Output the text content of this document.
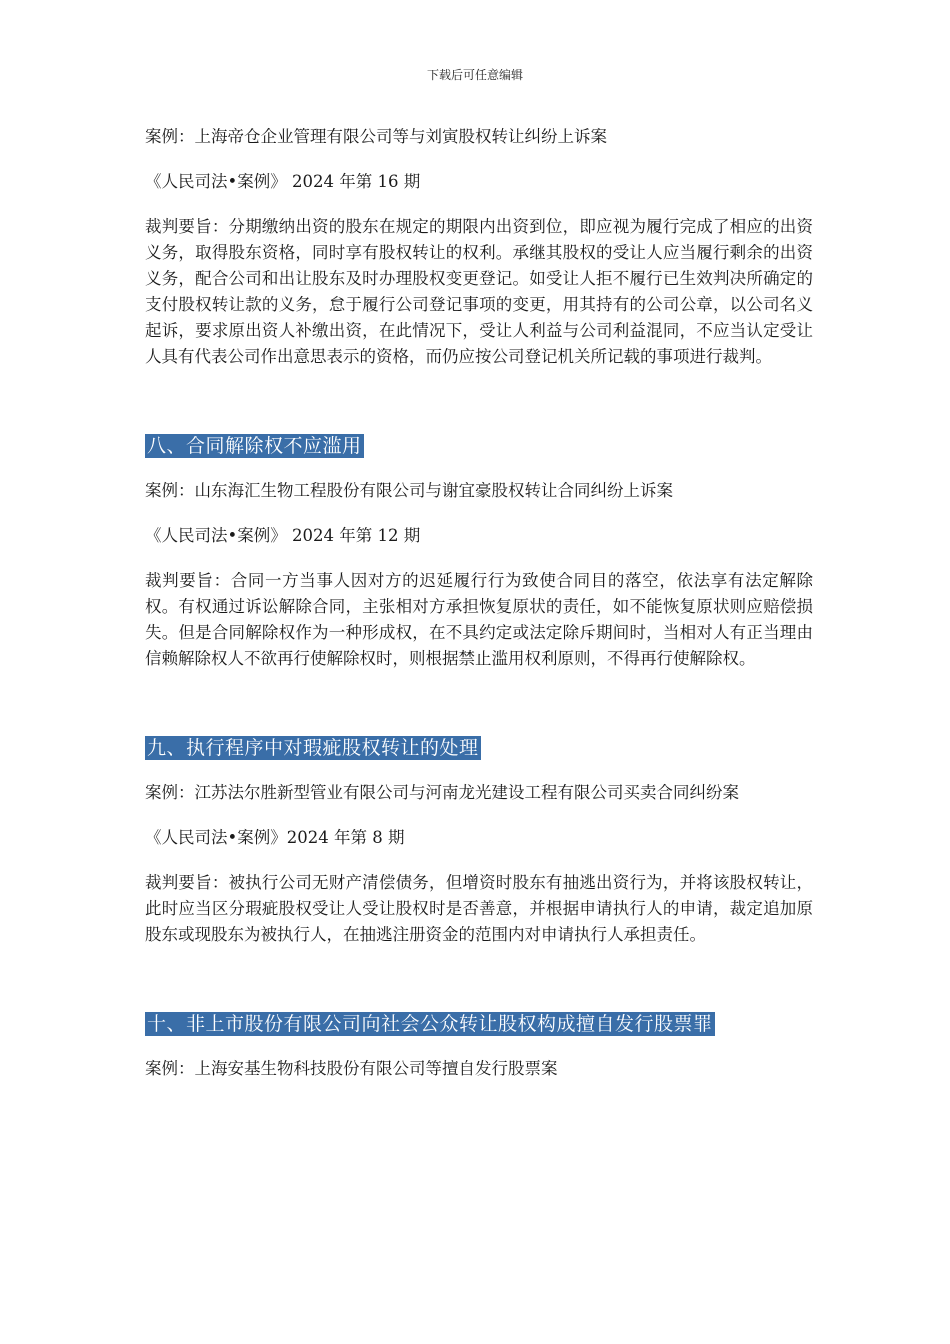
下载后可任意编辑

案例：上海帝仓企业管理有限公司等与刘寅股权转让纠纷上诉案

《人民司法•案例》 2024 年第 16 期

裁判要旨：分期缴纳出资的股东在规定的期限内出资到位，即应视为履行完成了相应的出资义务，取得股东资格，同时享有股权转让的权利。承继其股权的受让人应当履行剩余的出资义务，配合公司和出让股东及时办理股权变更登记。如受让人拒不履行已生效判决所确定的支付股权转让款的义务，怠于履行公司登记事项的变更，用其持有的公司公章，以公司名义起诉，要求原出资人补缴出资，在此情况下，受让人利益与公司利益混同，不应当认定受让人具有代表公司作出意思表示的资格，而仍应按公司登记机关所记载的事项进行裁判。

八、合同解除权不应滥用

案例：山东海汇生物工程股份有限公司与谢宜豪股权转让合同纠纷上诉案

《人民司法•案例》 2024 年第 12 期

裁判要旨：合同一方当事人因对方的迟延履行行为致使合同目的落空，依法享有法定解除权。有权通过诉讼解除合同，主张相对方承担恢复原状的责任，如不能恢复原状则应赔偿损失。但是合同解除权作为一种形成权，在不具约定或法定除斥期间时，当相对人有正当理由信赖解除权人不欲再行使解除权时，则根据禁止滥用权利原则，不得再行使解除权。

九、执行程序中对瑕疵股权转让的处理

案例：江苏法尔胜新型管业有限公司与河南龙光建设工程有限公司买卖合同纠纷案

《人民司法•案例》2024 年第 8 期

裁判要旨：被执行公司无财产清偿债务，但增资时股东有抽逃出资行为，并将该股权转让，此时应当区分瑕疵股权受让人受让股权时是否善意，并根据申请执行人的申请，裁定追加原股东或现股东为被执行人，在抽逃注册资金的范围内对申请执行人承担责任。

十、非上市股份有限公司向社会公众转让股权构成擅自发行股票罪

案例：上海安基生物科技股份有限公司等擅自发行股票案
